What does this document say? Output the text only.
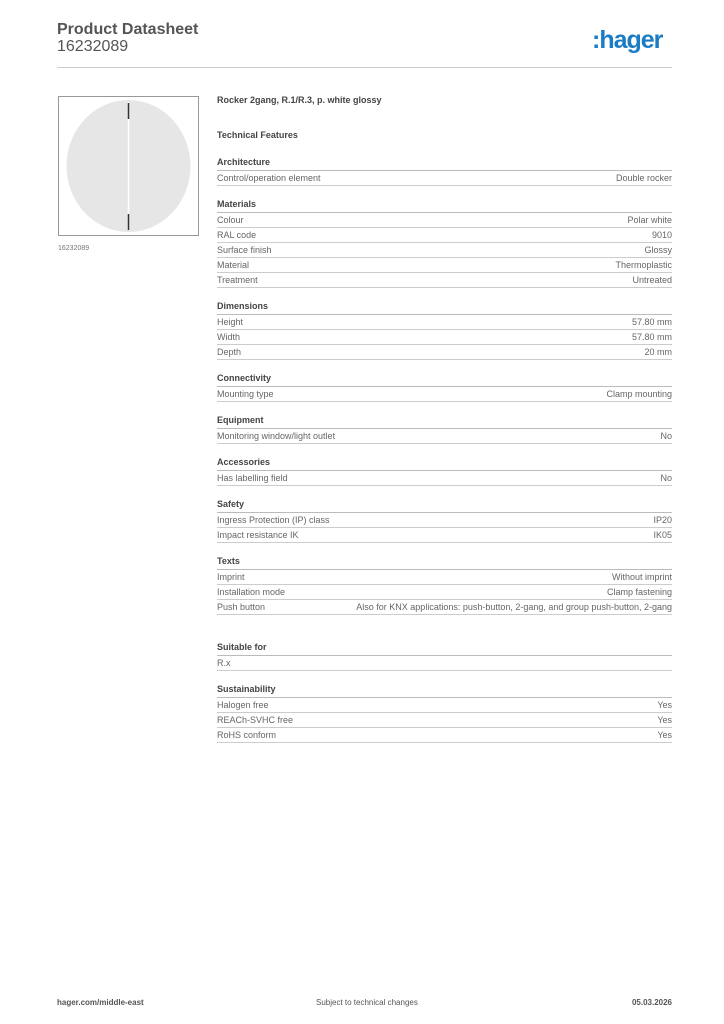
Product Datasheet
16232089	:hager
16232089
Rocker 2gang, R.1/R.3, p. white glossy
Technical Features
Architecture
Control/operation element	Double rocker
Materials
Colour	Polar white
RAL code	9010
Surface finish	Glossy
Material	Thermoplastic
Treatment	Untreated
Dimensions
Height	57.80 mm
Width	57.80 mm
Depth	20 mm
Connectivity
Mounting type	Clamp mounting
Equipment
Monitoring window/light outlet	No
Accessories
Has labelling field	No
Safety
Ingress Protection (IP) class	IP20
Impact resistance IK	IK05
Texts
Imprint	Without imprint
Installation mode	Clamp fastening
Push button	Also for KNX applications: push-button, 2-gang, and group push-button, 2-gang
Suitable for
R.x
Sustainability
Halogen free	Yes
REACh-SVHC free	Yes
RoHS conform	Yes
hager.com/middle-east	Subject to technical changes	05.03.2026
